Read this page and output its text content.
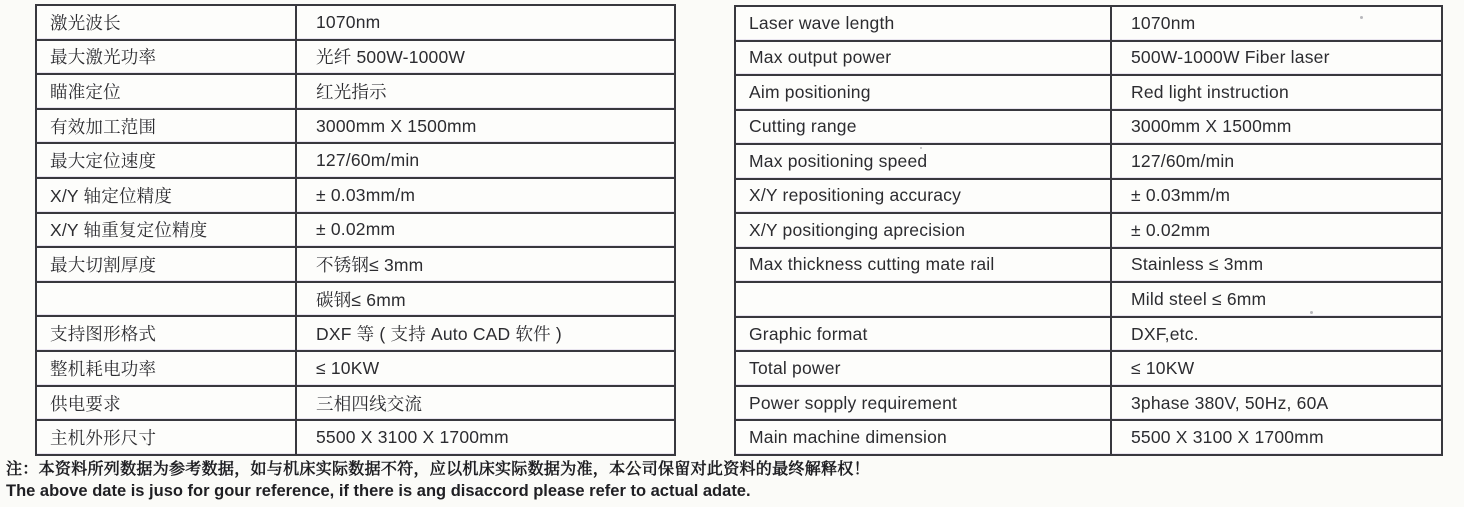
激光波长	1070nm
最大激光功率	光纤 500W-1000W
瞄准定位	红光指示
有效加工范围	3000mm X 1500mm
最大定位速度	127/60m/min
X/Y 轴定位精度	± 0.03mm/m
X/Y 轴重复定位精度	± 0.02mm
最大切割厚度	不锈钢≤ 3mm
	碳钢≤ 6mm
支持图形格式	DXF 等 ( 支持 Auto CAD 软件 )
整机耗电功率	≤ 10KW
供电要求	三相四线交流
主机外形尺寸	5500 X 3100 X 1700mm
Laser wave length	1070nm
Max output power	500W-1000W Fiber laser
Aim positioning	Red light instruction
Cutting range	3000mm X 1500mm
Max positioning speed	127/60m/min
X/Y repositioning accuracy	± 0.03mm/m
X/Y positionging aprecision	± 0.02mm
Max thickness cutting mate rail	Stainless ≤ 3mm
	Mild steel ≤ 6mm
Graphic format	DXF,etc.
Total power	≤ 10KW
Power sopply requirement	3phase 380V, 50Hz, 60A
Main machine dimension	5500 X 3100 X 1700mm
注：本资料所列数据为参考数据，如与机床实际数据不符，应以机床实际数据为准，本公司保留对此资料的最终解释权！
The above date is juso for gour reference, if there is ang disaccord please refer to actual adate.
